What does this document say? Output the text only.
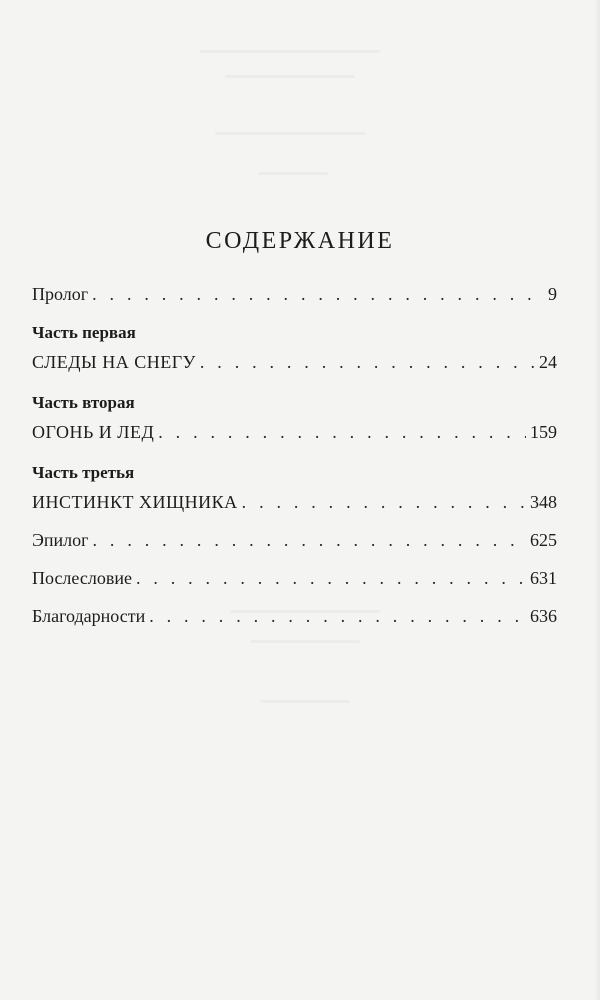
СОДЕРЖАНИЕ
Пролог . . .	9
Часть первая
СЛЕДЫ НА СНЕГУ . . .	24
Часть вторая
ОГОНЬ И ЛЕД . . .	159
Часть третья
ИНСТИНКТ ХИЩНИКА . . .	348
Эпилог . . .	625
Послесловие . . .	631
Благодарности . . .	636
